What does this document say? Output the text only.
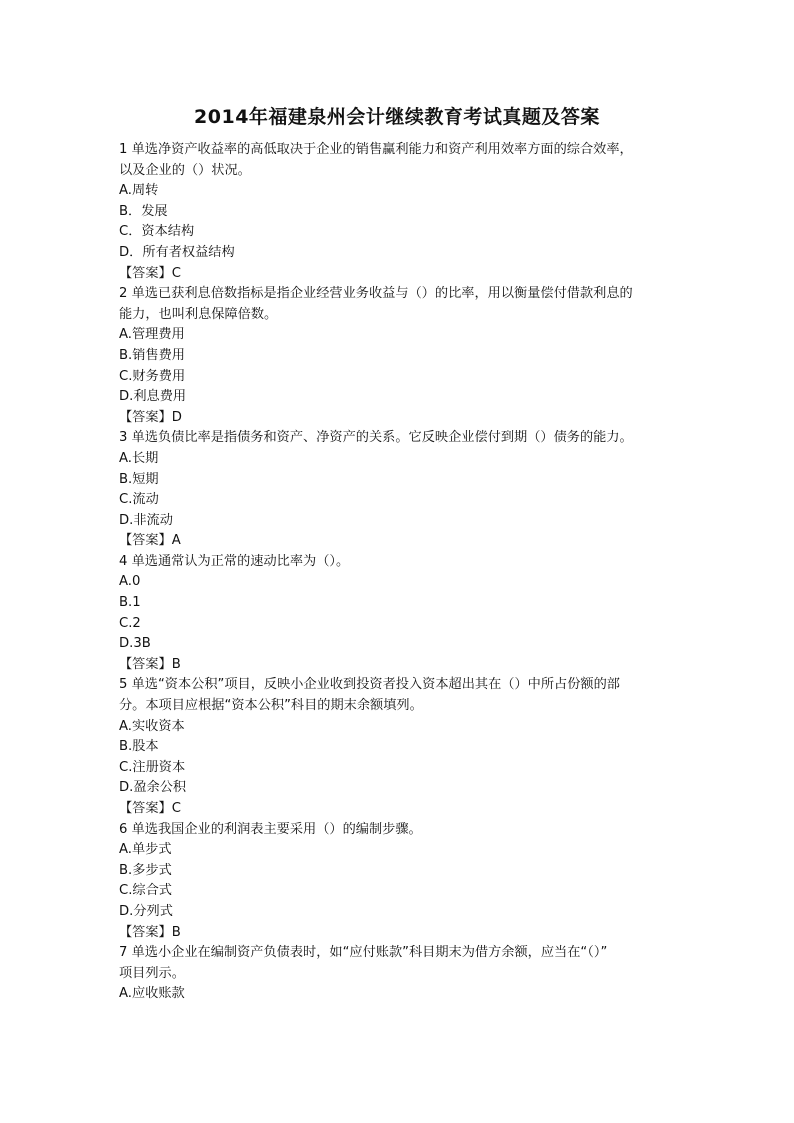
2014年福建泉州会计继续教育考试真题及答案
1 单选净资产收益率的高低取决于企业的销售赢利能力和资产利用效率方面的综合效率，
以及企业的（）状况。
A.周转
B．发展
C．资本结构
D．所有者权益结构
【答案】C
2 单选已获利息倍数指标是指企业经营业务收益与（）的比率，用以衡量偿付借款利息的
能力，也叫利息保障倍数。
A.管理费用
B.销售费用
C.财务费用
D.利息费用
【答案】D
3 单选负债比率是指债务和资产、净资产的关系。它反映企业偿付到期（）债务的能力。
A.长期
B.短期
C.流动
D.非流动
【答案】A
4 单选通常认为正常的速动比率为（）。
A.0
B.1
C.2
D.3B
【答案】B
5 单选“资本公积”项目，反映小企业收到投资者投入资本超出其在（）中所占份额的部
分。本项目应根据“资本公积”科目的期末余额填列。
A.实收资本
B.股本
C.注册资本
D.盈余公积
【答案】C
6 单选我国企业的利润表主要采用（）的编制步骤。
A.单步式
B.多步式
C.综合式
D.分列式
【答案】B
7 单选小企业在编制资产负债表时，如“应付账款”科目期末为借方余额，应当在“（）”
项目列示。
A.应收账款
